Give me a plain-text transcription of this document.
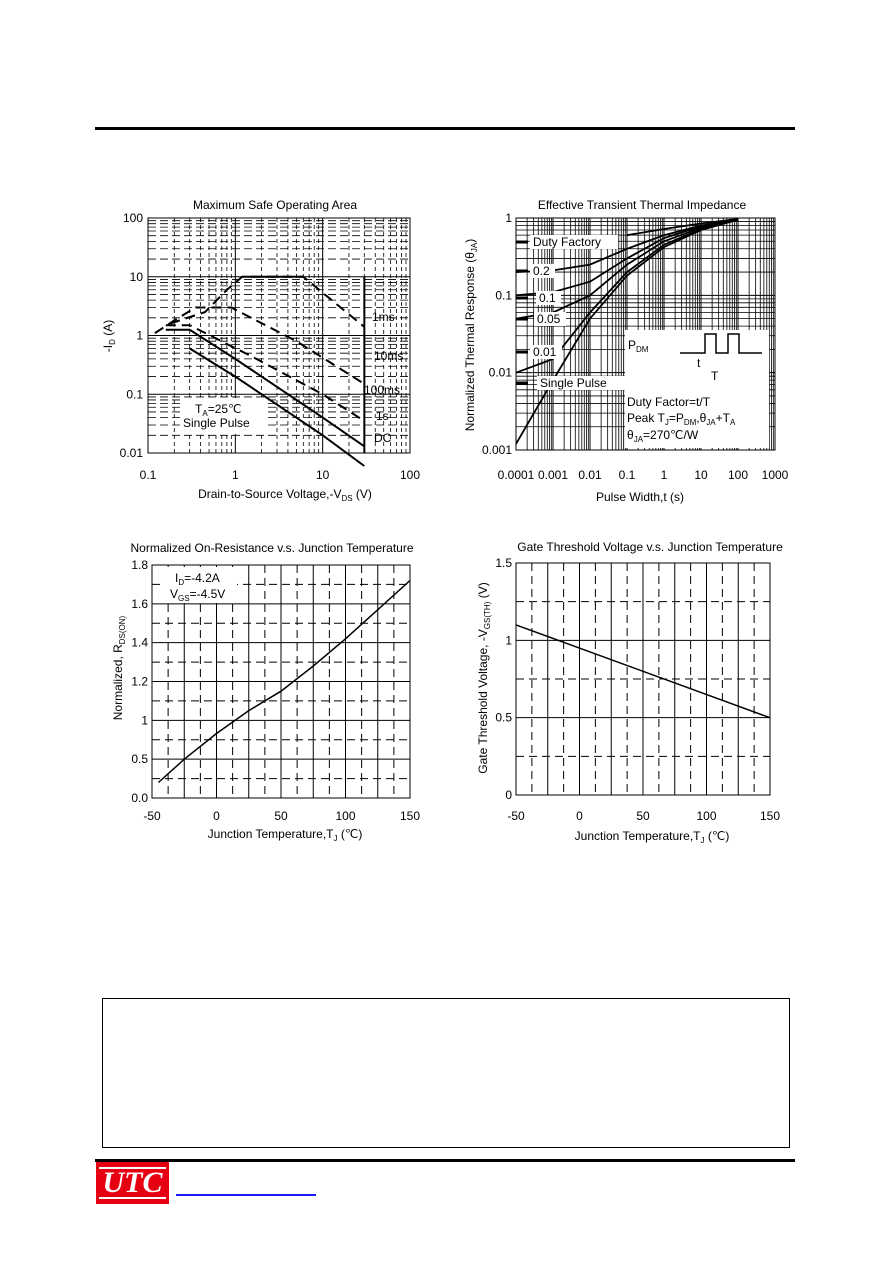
0.1	1	10	100
0.01
0.1
1
10
100
Maximum Safe Operating Area
Drain-to-Source $Voltage,-V_{DS}$ (V)
$-I_D$ (A)
1ms
10ms
100ms
1s
DC
$T_A=25℃$
Single Pulse
0.0001 0.001 0.01 0.1 1 10 100 1000
0.001
0.01
0.1
1
Effective Transient Thermal Impedance
Pulse Width,t (s)
Normalized Thermal Response $(\theta_{JA})$	Duty Factory
0.2
0.1
0.05
0.01
Single Pulse
$P_{DM}$
t
T
Duty Factor=t/T
Peak $T_J=P_{DM},\theta_{JA}+T_A$
$\theta_{JA}=270℃/W$
-50	0	50	100	150
0.0
0.5
1
1.2
1.4
1.6
1.8
Normalized On-Resistance v.s. Junction Temperature
Junction $Temperature,T_J$ (℃)
Normalized, $R_{DS(ON)}$
$I_D=-4.2A$
$V_{GS}=-4.5V$
-50	0	50	100	150
0
0.5
1
1.5
Gate Threshold Voltage v.s. Junction Temperature
Junction $Temperature,T_J$ (℃)
Gate Threshold Voltage, $-V_{GS(TH)}$ (V)
UTC
